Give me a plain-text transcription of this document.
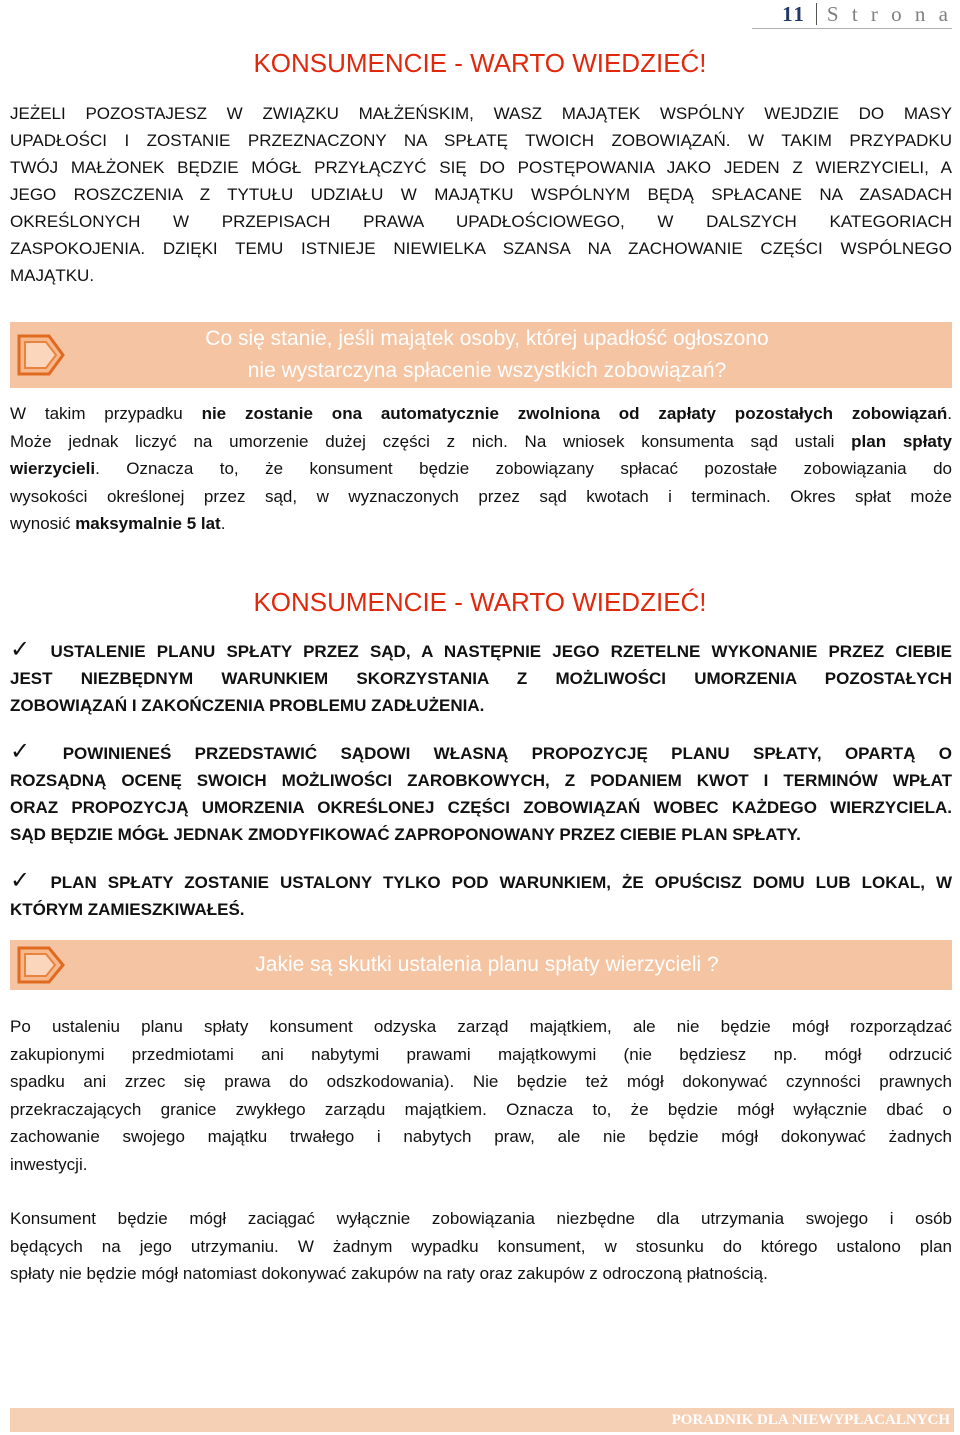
11 S t r o n a
KONSUMENCIE - WARTO WIEDZIEĆ!
JEŻELI POZOSTAJESZ W ZWIĄZKU MAŁŻEŃSKIM, WASZ MAJĄTEK WSPÓLNY WEJDZIE DO MASY
UPADŁOŚCI I ZOSTANIE PRZEZNACZONY NA SPŁATĘ TWOICH ZOBOWIĄZAŃ. W TAKIM PRZYPADKU
TWÓJ MAŁŻONEK BĘDZIE MÓGŁ PRZYŁĄCZYĆ SIĘ DO POSTĘPOWANIA JAKO JEDEN Z WIERZYCIELI, A
JEGO ROSZCZENIA Z TYTUŁU UDZIAŁU W MAJĄTKU WSPÓLNYM BĘDĄ SPŁACANE NA ZASADACH
OKREŚLONYCH W PRZEPISACH PRAWA UPADŁOŚCIOWEGO, W DALSZYCH KATEGORIACH
ZASPOKOJENIA. DZIĘKI TEMU ISTNIEJE NIEWIELKA SZANSA NA ZACHOWANIE CZĘŚCI WSPÓLNEGO
MAJĄTKU.
Co się stanie, jeśli majątek osoby, której upadłość ogłoszono
nie wystarczyna spłacenie wszystkich zobowiązań?
W takim przypadku nie zostanie ona automatycznie zwolniona od zapłaty pozostałych zobowiązań.
Może jednak liczyć na umorzenie dużej części z nich. Na wniosek konsumenta sąd ustali plan spłaty
wierzycieli. Oznacza to, że konsument będzie zobowiązany spłacać pozostałe zobowiązania do
wysokości określonej przez sąd, w wyznaczonych przez sąd kwotach i terminach. Okres spłat może
wynosić maksymalnie 5 lat.
KONSUMENCIE - WARTO WIEDZIEĆ!
✓ USTALENIE PLANU SPŁATY PRZEZ SĄD, A NASTĘPNIE JEGO RZETELNE WYKONANIE PRZEZ CIEBIE
JEST NIEZBĘDNYM WARUNKIEM SKORZYSTANIA Z MOŻLIWOŚCI UMORZENIA POZOSTAŁYCH
ZOBOWIĄZAŃ I ZAKOŃCZENIA PROBLEMU ZADŁUŻENIA.
✓ POWINIENEŚ PRZEDSTAWIĆ SĄDOWI WŁASNĄ PROPOZYCJĘ PLANU SPŁATY, OPARTĄ O
ROZSĄDNĄ OCENĘ SWOICH MOŻLIWOŚCI ZAROBKOWYCH, Z PODANIEM KWOT I TERMINÓW WPŁAT
ORAZ PROPOZYCJĄ UMORZENIA OKREŚLONEJ CZĘŚCI ZOBOWIĄZAŃ WOBEC KAŻDEGO WIERZYCIELA.
SĄD BĘDZIE MÓGŁ JEDNAK ZMODYFIKOWAĆ ZAPROPONOWANY PRZEZ CIEBIE PLAN SPŁATY.
✓ PLAN SPŁATY ZOSTANIE USTALONY TYLKO POD WARUNKIEM, ŻE OPUŚCISZ DOMU LUB LOKAL, W
KTÓRYM ZAMIESZKIWAŁEŚ.
Jakie są skutki ustalenia planu spłaty wierzycieli ?
Po ustaleniu planu spłaty konsument odzyska zarząd majątkiem, ale nie będzie mógł rozporządzać
zakupionymi przedmiotami ani nabytymi prawami majątkowymi (nie będziesz np. mógł odrzucić
spadku ani zrzec się prawa do odszkodowania). Nie będzie też mógł dokonywać czynności prawnych
przekraczających granice zwykłego zarządu majątkiem. Oznacza to, że będzie mógł wyłącznie dbać o
zachowanie swojego majątku trwałego i nabytych praw, ale nie będzie mógł dokonywać żadnych
inwestycji.
Konsument będzie mógł zaciągać wyłącznie zobowiązania niezbędne dla utrzymania swojego i osób
będących na jego utrzymaniu. W żadnym wypadku konsument, w stosunku do którego ustalono plan
spłaty nie będzie mógł natomiast dokonywać zakupów na raty oraz zakupów z odroczoną płatnością.
PORADNIK DLA NIEWYPŁACALNYCH
